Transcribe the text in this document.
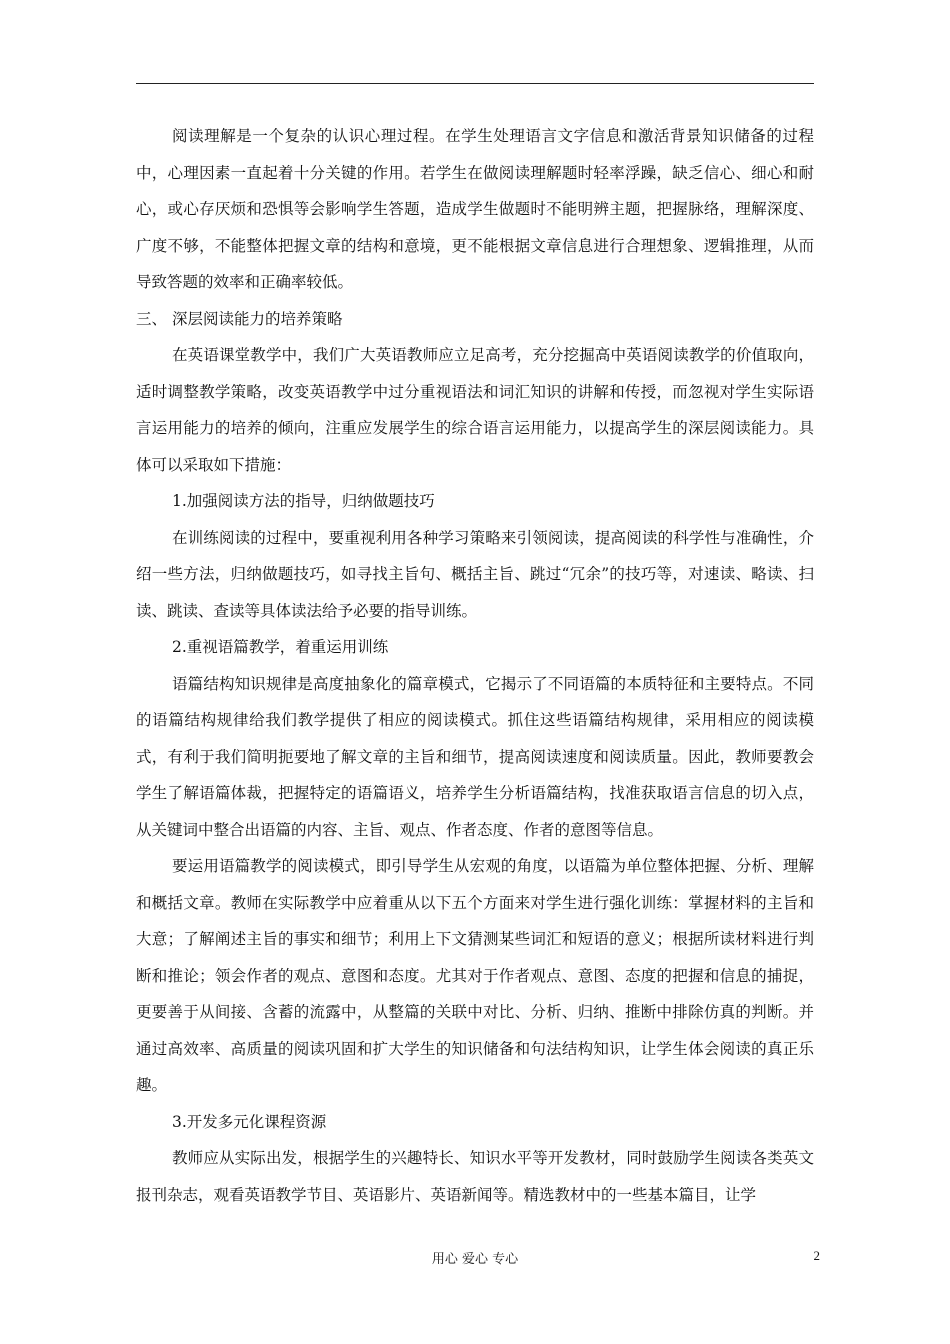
阅读理解是一个复杂的认识心理过程。在学生处理语言文字信息和激活背景知识储备的过程中，心理因素一直起着十分关键的作用。若学生在做阅读理解题时轻率浮躁，缺乏信心、细心和耐心，或心存厌烦和恐惧等会影响学生答题，造成学生做题时不能明辨主题，把握脉络，理解深度、广度不够，不能整体把握文章的结构和意境，更不能根据文章信息进行合理想象、逻辑推理，从而导致答题的效率和正确率较低。

三、 深层阅读能力的培养策略

在英语课堂教学中，我们广大英语教师应立足高考，充分挖掘高中英语阅读教学的价值取向，适时调整教学策略，改变英语教学中过分重视语法和词汇知识的讲解和传授，而忽视对学生实际语言运用能力的培养的倾向，注重应发展学生的综合语言运用能力，以提高学生的深层阅读能力。具体可以采取如下措施：

1.加强阅读方法的指导，归纳做题技巧

在训练阅读的过程中，要重视利用各种学习策略来引领阅读，提高阅读的科学性与准确性，介绍一些方法，归纳做题技巧，如寻找主旨句、概括主旨、跳过“冗余”的技巧等，对速读、略读、扫读、跳读、查读等具体读法给予必要的指导训练。

2.重视语篇教学，着重运用训练

语篇结构知识规律是高度抽象化的篇章模式，它揭示了不同语篇的本质特征和主要特点。不同的语篇结构规律给我们教学提供了相应的阅读模式。抓住这些语篇结构规律，采用相应的阅读模式，有利于我们简明扼要地了解文章的主旨和细节，提高阅读速度和阅读质量。因此，教师要教会学生了解语篇体裁，把握特定的语篇语义，培养学生分析语篇结构，找准获取语言信息的切入点，从关键词中整合出语篇的内容、主旨、观点、作者态度、作者的意图等信息。

要运用语篇教学的阅读模式，即引导学生从宏观的角度，以语篇为单位整体把握、分析、理解和概括文章。教师在实际教学中应着重从以下五个方面来对学生进行强化训练：掌握材料的主旨和大意；了解阐述主旨的事实和细节；利用上下文猜测某些词汇和短语的意义；根据所读材料进行判断和推论；领会作者的观点、意图和态度。尤其对于作者观点、意图、态度的把握和信息的捕捉，更要善于从间接、含蓄的流露中，从整篇的关联中对比、分析、归纳、推断中排除仿真的判断。并通过高效率、高质量的阅读巩固和扩大学生的知识储备和句法结构知识，让学生体会阅读的真正乐趣。

3.开发多元化课程资源

教师应从实际出发，根据学生的兴趣特长、知识水平等开发教材，同时鼓励学生阅读各类英文报刊杂志，观看英语教学节目、英语影片、英语新闻等。精选教材中的一些基本篇目，让学

用心 爱心 专心	2
